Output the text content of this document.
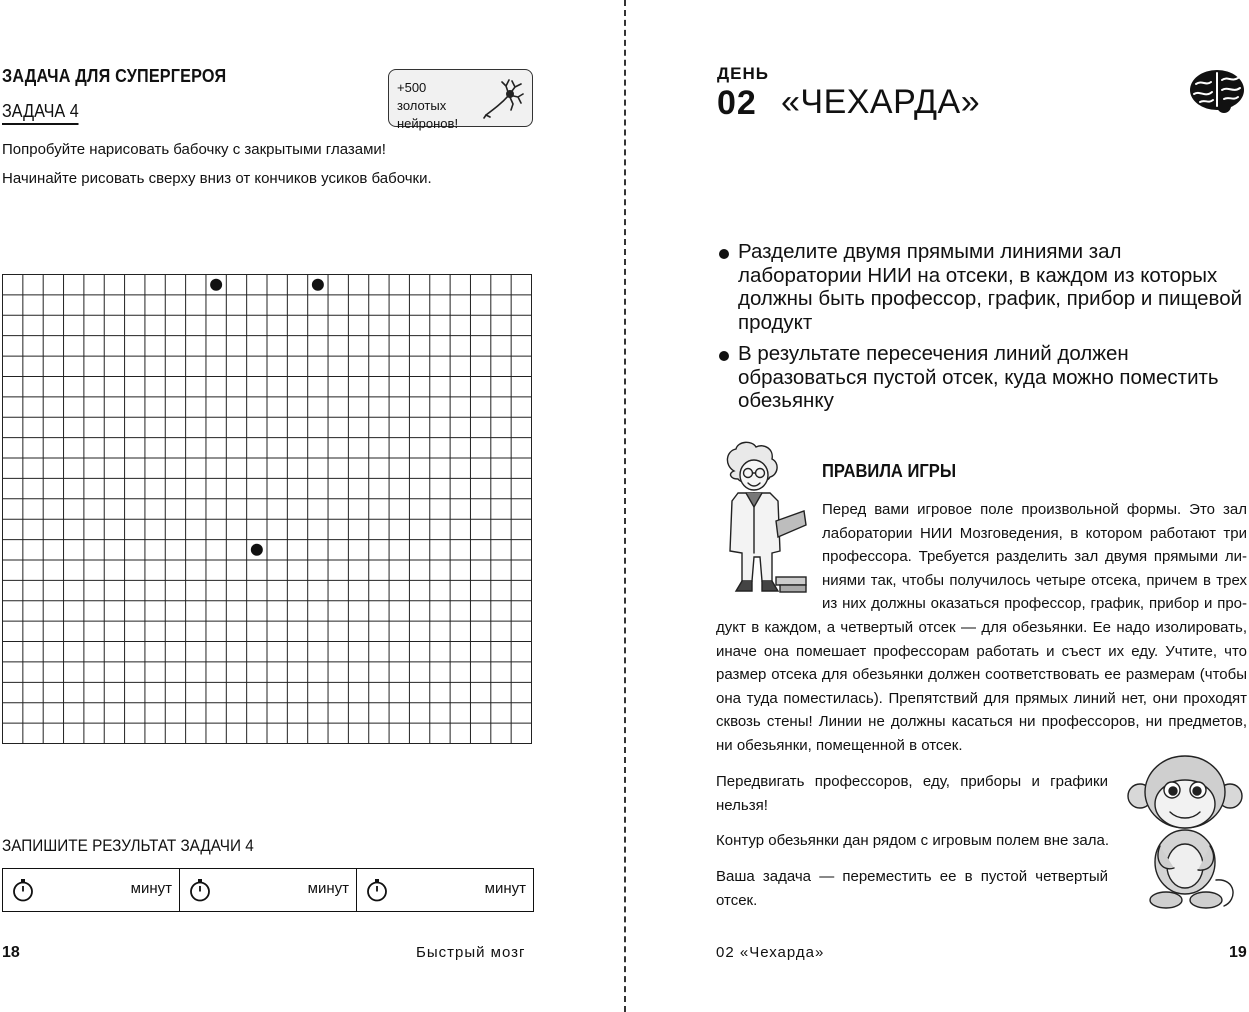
ЗАДАЧА ДЛЯ СУПЕРГЕРОЯ
ЗАДАЧА 4
+500 золотых
нейронов!
Попробуйте нарисовать бабочку с закрытыми глазами!
Начинайте рисовать сверху вниз от кончиков усиков бабочки.
ЗАПИШИТЕ РЕЗУЛЬТАТ ЗАДАЧИ 4
минут	минут	минут
18	Быстрый мозг
ДЕНЬ
02 «ЧЕХАРДА»
Разделите двумя прямыми линиями зал лаборатории НИИ на отсеки, в каждом из которых должны быть профессор, график, прибор и пищевой продукт
В результате пересечения линий должен образоваться пустой отсек, куда можно поместить обезьянку
ПРАВИЛА ИГРЫ
Перед вами игровое поле произвольной формы. Это зал
лаборатории НИИ Мозговедения, в котором работают три
профессора. Требуется разделить зал двумя прямыми ли-
ниями так, чтобы получилось четыре отсека, причем в трех
из них должны оказаться профессор, график, прибор и про-
дукт в каждом, а четвертый отсек — для обезьянки. Ее надо изолировать, иначе она помешает профессорам работать и съест их еду. Учтите, что размер отсека для обезьянки должен соответствовать ее размерам (чтобы она туда поместилась). Препятствий для прямых линий нет, они проходят сквозь стены! Линии не должны касаться ни профессоров, ни предметов, ни обезьянки, помещенной в отсек.
Передвигать профессоров, еду, приборы и графики нельзя!
Контур обезьянки дан рядом с игровым полем вне зала.
Ваша задача — переместить ее в пустой четвертый отсек.
02 «Чехарда»	19
